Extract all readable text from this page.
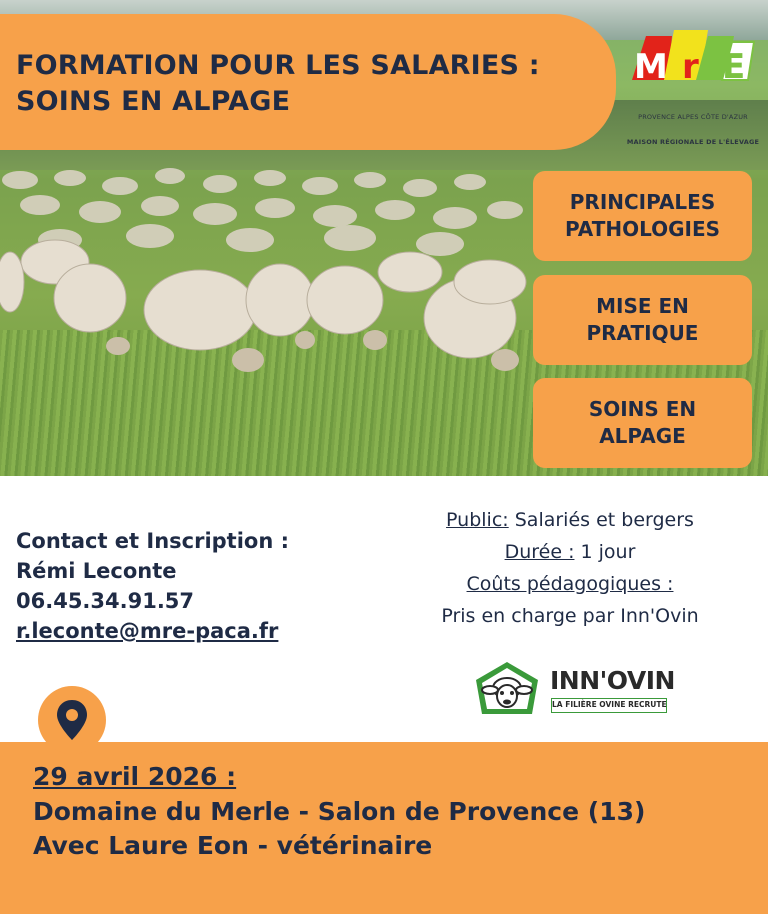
FORMATION POUR LES SALARIES :
SOINS EN ALPAGE
M r E
PROVENCE ALPES CÔTE D'AZUR
MAISON RÉGIONALE DE L'ÉLEVAGE
PRINCIPALES PATHOLOGIES
MISE EN PRATIQUE
SOINS EN ALPAGE
Contact et Inscription :
Rémi Leconte
06.45.34.91.57
r.leconte@mre-paca.fr
Public: Salariés et bergers
Durée : 1 jour
Coûts pédagogiques :
Pris en charge par Inn'Ovin
INN'OVIN
LA FILIÈRE OVINE RECRUTE
29 avril 2026 :
Domaine du Merle - Salon de Provence (13)
Avec Laure Eon - vétérinaire
